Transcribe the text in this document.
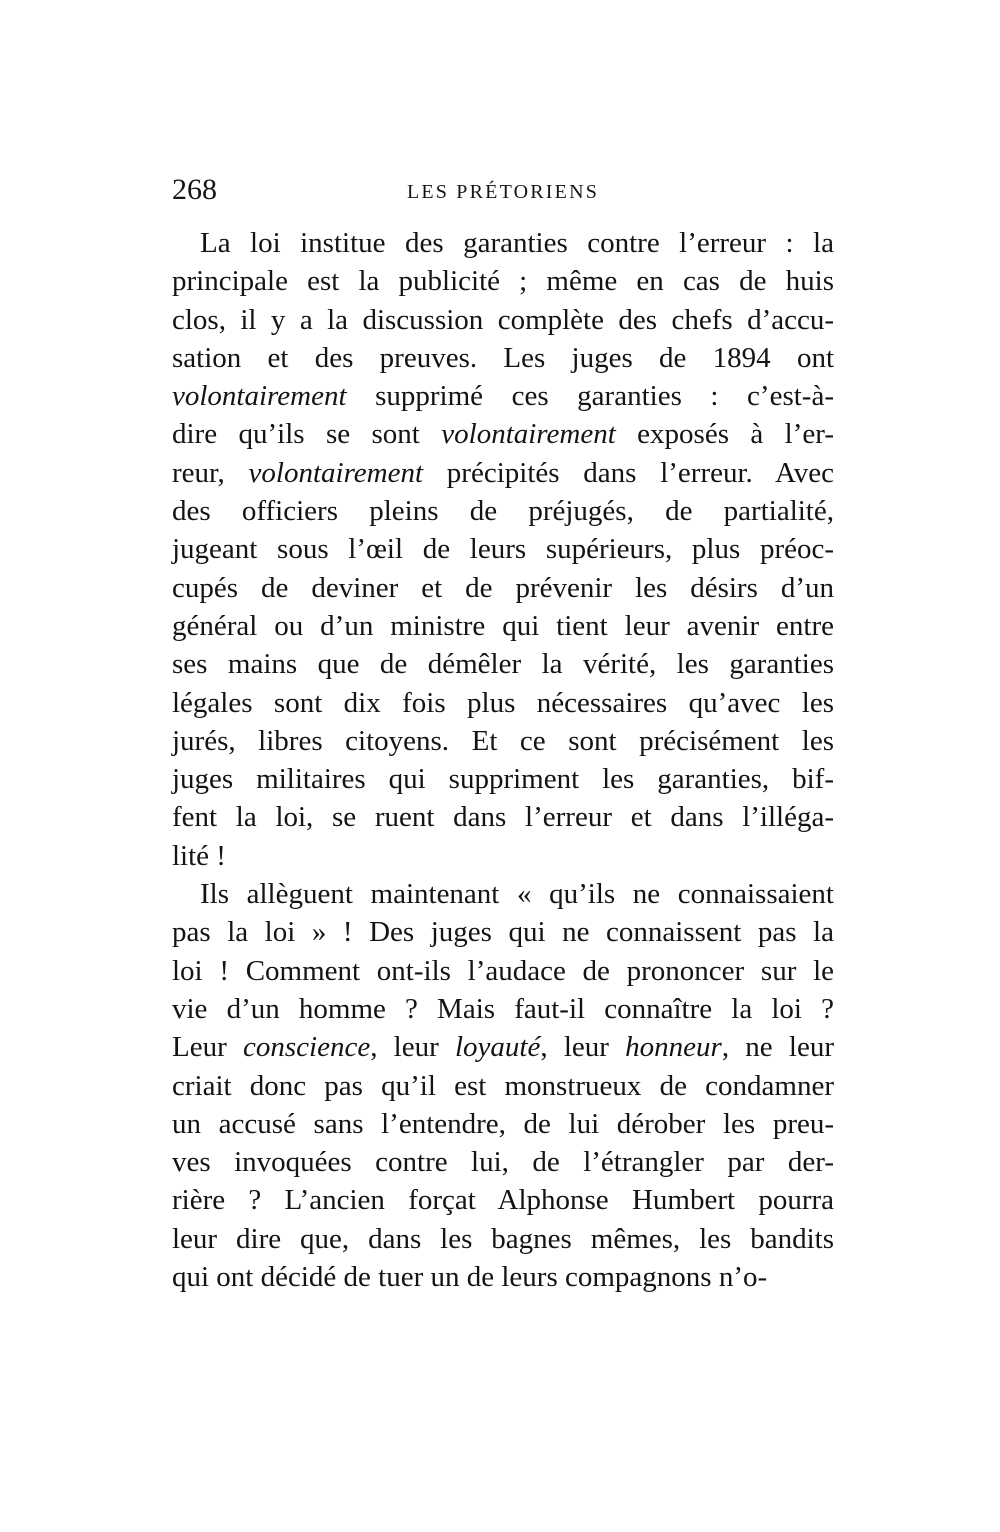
268	LES PRÉTORIENS
La loi institue des garanties contre l’erreur : la
principale est la publicité ; même en cas de huis
clos, il y a la discussion complète des chefs d’accu-
sation et des preuves. Les juges de 1894 ont
volontairement supprimé ces garanties : c’est-à-
dire qu’ils se sont volontairement exposés à l’er-
reur, volontairement précipités dans l’erreur. Avec
des officiers pleins de préjugés, de partialité,
jugeant sous l’œil de leurs supérieurs, plus préoc-
cupés de deviner et de prévenir les désirs d’un
général ou d’un ministre qui tient leur avenir entre
ses mains que de démêler la vérité, les garanties
légales sont dix fois plus nécessaires qu’avec les
jurés, libres citoyens. Et ce sont précisément les
juges militaires qui suppriment les garanties, bif-
fent la loi, se ruent dans l’erreur et dans l’illéga-
lité !
Ils allèguent maintenant « qu’ils ne connaissaient
pas la loi » ! Des juges qui ne connaissent pas la
loi ! Comment ont-ils l’audace de prononcer sur le
vie d’un homme ? Mais faut-il connaître la loi ?
Leur conscience, leur loyauté, leur honneur, ne leur
criait donc pas qu’il est monstrueux de condamner
un accusé sans l’entendre, de lui dérober les preu-
ves invoquées contre lui, de l’étrangler par der-
rière ? L’ancien forçat Alphonse Humbert pourra
leur dire que, dans les bagnes mêmes, les bandits
qui ont décidé de tuer un de leurs compagnons n’o-
